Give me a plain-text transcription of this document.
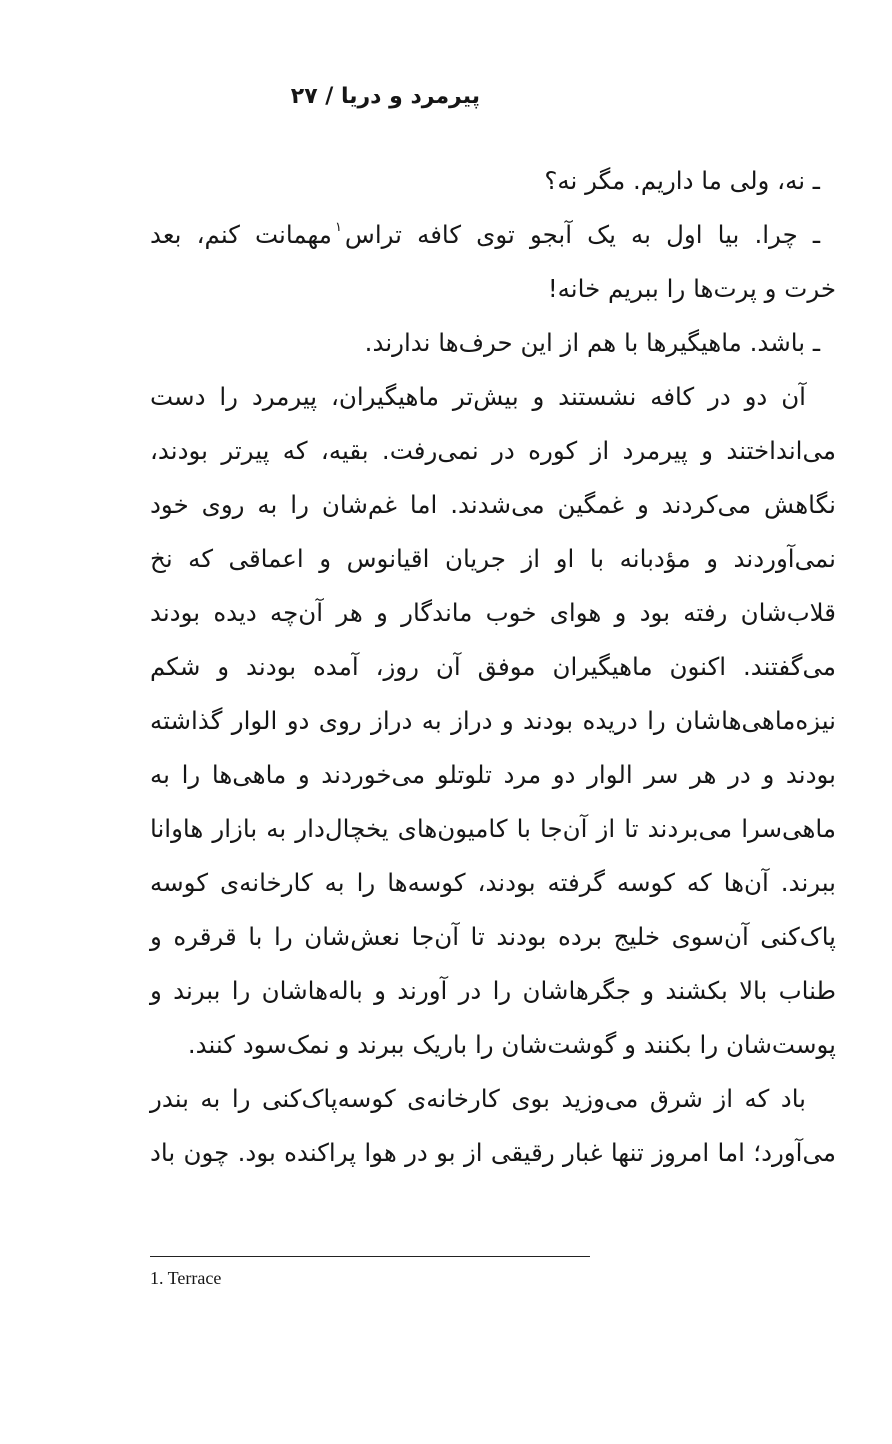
پیرمرد و دریا / ۲۷
ـ نه، ولی ما داریم. مگر نه؟
ـ چرا. بیا اول به یک آبجو توی کافه تراس$^۱$مهمانت کنم، بعد
خرت و پرت‌ها را ببریم خانه!
ـ باشد. ماهیگیرها با هم از این حرف‌ها ندارند.
آن دو در کافه نشستند و بیش‌تر ماهیگیران، پیرمرد را دست
می‌انداختند و پیرمرد از کوره در نمی‌رفت. بقیه، که پیرتر بودند،
نگاهش می‌کردند و غمگین می‌شدند. اما غم‌شان را به روی خود
نمی‌آوردند و مؤدبانه با او از جریان اقیانوس و اعماقی که نخ
قلاب‌شان رفته بود و هوای خوب ماندگار و هر آن‌چه دیده بودند
می‌گفتند. اکنون ماهیگیران موفق آن روز، آمده بودند و شکم
نیزه‌ماهی‌هاشان را دریده بودند و دراز به دراز روی دو الوار گذاشته
بودند و در هر سر الوار دو مرد تلوتلو می‌خوردند و ماهی‌ها را به
ماهی‌سرا می‌بردند تا از آن‌جا با کامیون‌های یخچال‌دار به بازار هاوانا
ببرند. آن‌ها که کوسه گرفته بودند، کوسه‌ها را به کارخانه‌ی کوسه
پاک‌کنی آن‌سوی خلیج برده بودند تا آن‌جا نعش‌شان را با قرقره و
طناب بالا بکشند و جگرهاشان را در آورند و باله‌هاشان را ببرند و
پوست‌شان را بکنند و گوشت‌شان را باریک ببرند و نمک‌سود کنند.
باد که از شرق می‌وزید بوی کارخانه‌ی کوسه‌پاک‌کنی را به بندر
می‌آورد؛ اما امروز تنها غبار رقیقی از بو در هوا پراکنده بود. چون باد
1. Terrace
